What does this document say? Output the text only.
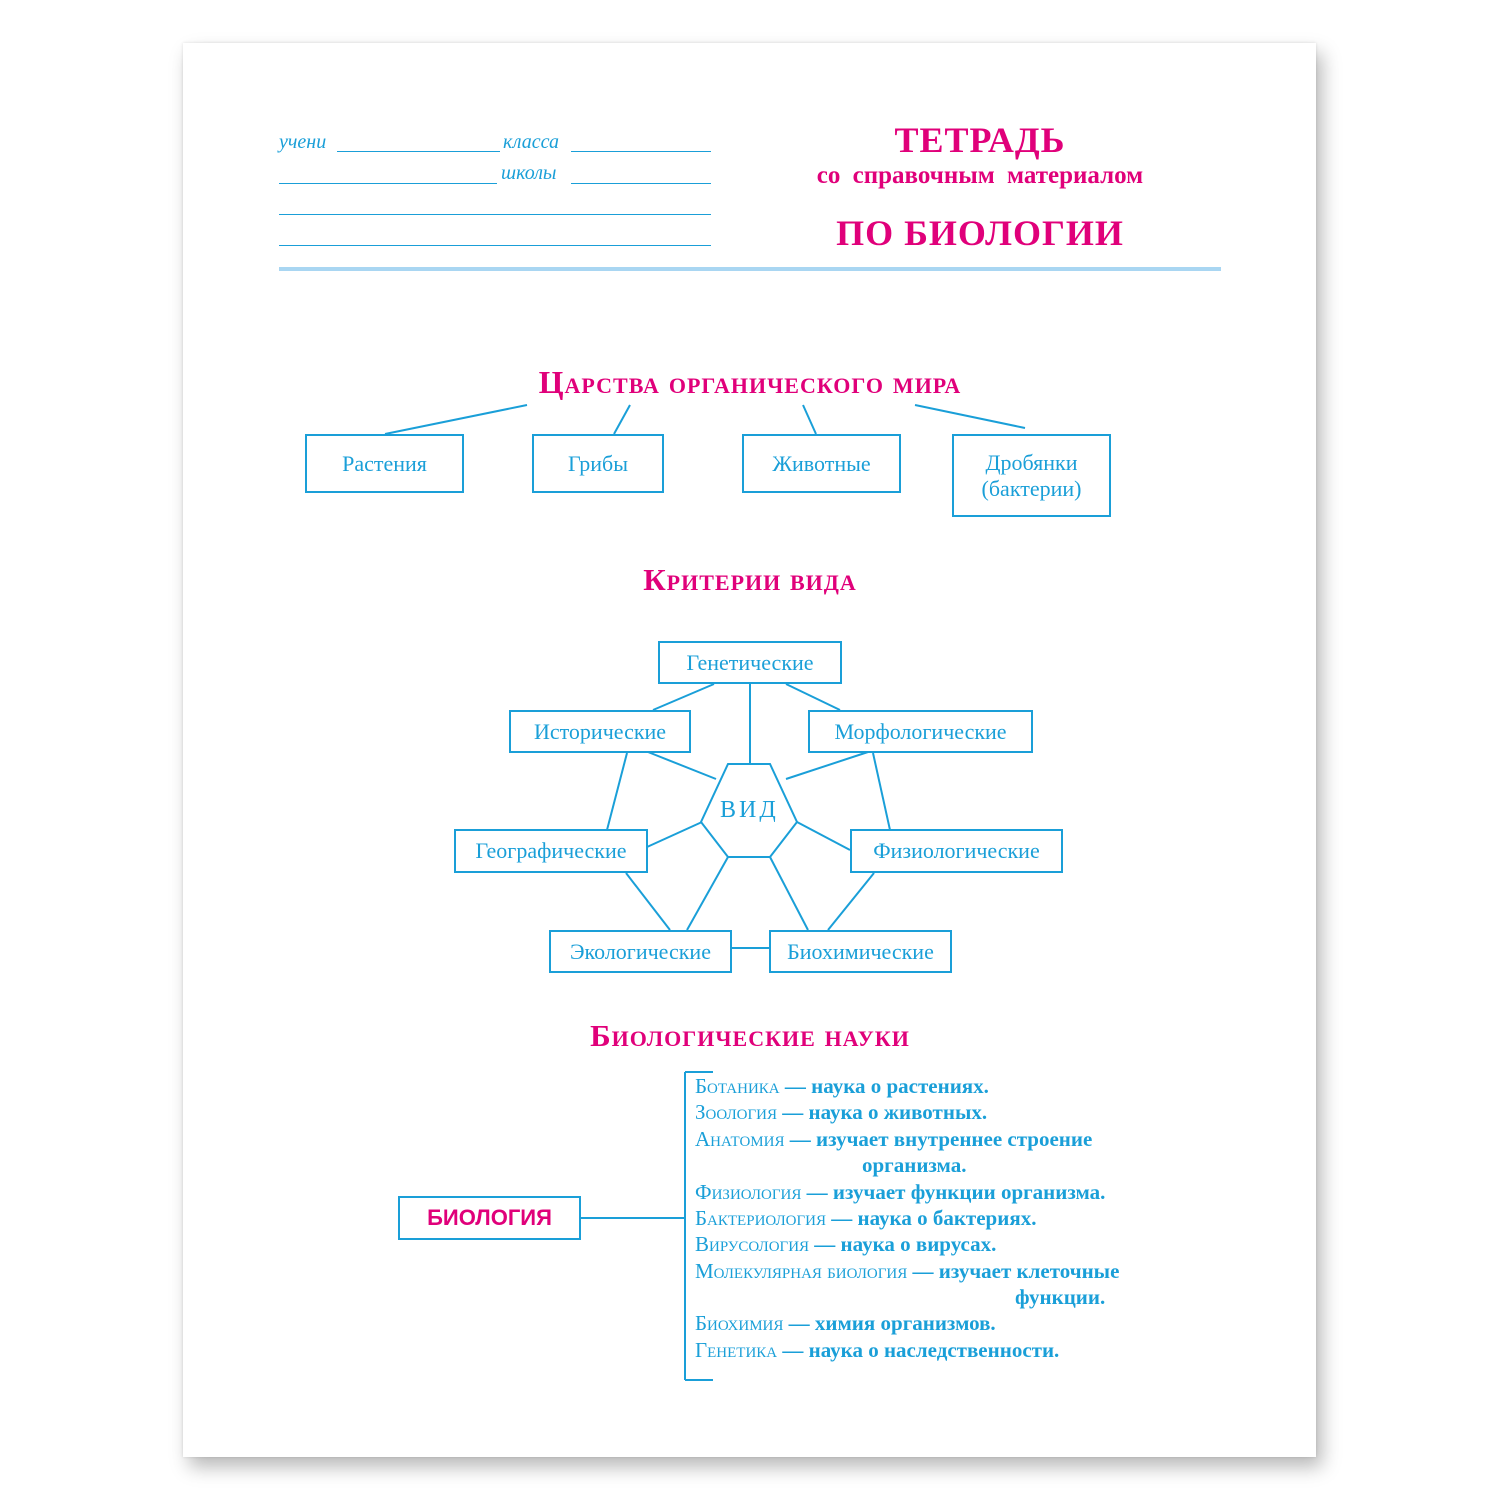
учени	класса
школы
ТЕТРАДЬ
со справочным материалом
ПО БИОЛОГИИ
Царства органического мира
Растения	Грибы	Животные	Дробянки (бактерии)
Критерии вида
Генетические
Исторические	Морфологические
Географические	Физиологические
Экологические	Биохимические
ВИД
Биологические науки
БИОЛОГИЯ
Ботаника — наука о растениях.
Зоология — наука о животных.
Анатомия — изучает внутреннее строение
организма.
Физиология — изучает функции организма.
Бактериология — наука о бактериях.
Вирусология — наука о вирусах.
Молекулярная биология — изучает клеточные
функции.
Биохимия — химия организмов.
Генетика — наука о наследственности.
